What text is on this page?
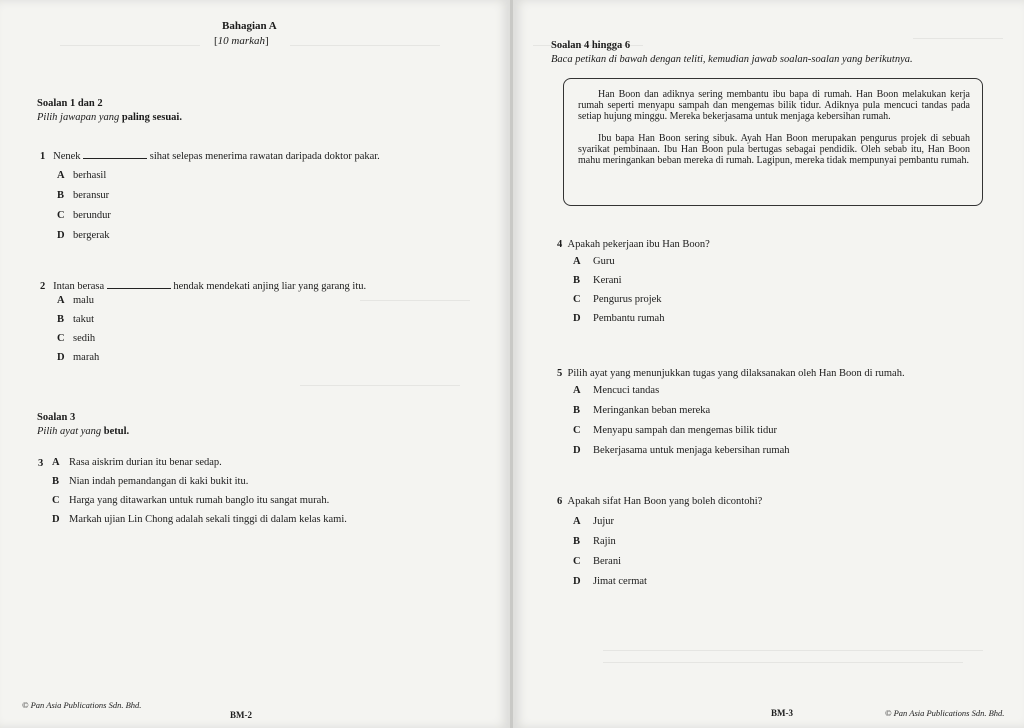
Bahagian A
[10 markah]
Soalan 1 dan 2
Pilih jawapan yang paling sesuai.
1 Nenek	sihat selepas menerima rawatan daripada doktor pakar.
A berhasil
B beransur
C berundur
D bergerak
2 Intan berasa	hendak mendekati anjing liar yang garang itu.
A malu
B takut
C sedih
D marah
Soalan 3
Pilih ayat yang betul.
3 A Rasa aiskrim durian itu benar sedap.
B Nian indah pemandangan di kaki bukit itu.
C Harga yang ditawarkan untuk rumah banglo itu sangat murah.
D Markah ujian Lin Chong adalah sekali tinggi di dalam kelas kami.
© Pan Asia Publications Sdn. Bhd.
BM-2
Soalan 4 hingga 6
Baca petikan di bawah dengan teliti, kemudian jawab soalan-soalan yang berikutnya.

Han Boon dan adiknya sering membantu ibu bapa di rumah. Han Boon melakukan kerja rumah seperti menyapu sampah dan mengemas bilik tidur. Adiknya pula mencuci tandas pada setiap hujung minggu. Mereka bekerjasama untuk menjaga kebersihan rumah.

Ibu bapa Han Boon sering sibuk. Ayah Han Boon merupakan pengurus projek di sebuah syarikat pembinaan. Ibu Han Boon pula bertugas sebagai pendidik. Oleh sebab itu, Han Boon mahu meringankan beban mereka di rumah. Lagipun, mereka tidak mempunyai pembantu rumah.

4 Apakah pekerjaan ibu Han Boon?
A Guru
B Kerani
C Pengurus projek
D Pembantu rumah
5 Pilih ayat yang menunjukkan tugas yang dilaksanakan oleh Han Boon di rumah.
A Mencuci tandas
B Meringankan beban mereka
C Menyapu sampah dan mengemas bilik tidur
D Bekerjasama untuk menjaga kebersihan rumah
6 Apakah sifat Han Boon yang boleh dicontohi?
A Jujur
B Rajin
C Berani
D Jimat cermat
BM-3	© Pan Asia Publications Sdn. Bhd.
